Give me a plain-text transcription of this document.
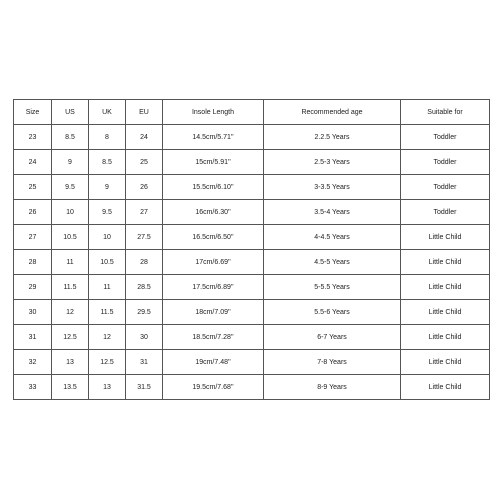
Size	US	UK	EU	Insole Length	Recommended age	Suitable for
23	8.5	8	24	14.5cm/5.71''	2.2.5 Years	Toddler
24	9	8.5	25	15cm/5.91''	2.5-3 Years	Toddler
25	9.5	9	26	15.5cm/6.10''	3-3.5 Years	Toddler
26	10	9.5	27	16cm/6.30''	3.5-4 Years	Toddler
27	10.5	10	27.5	16.5cm/6.50''	4-4.5 Years	Little Child
28	11	10.5	28	17cm/6.69''	4.5-5 Years	Little Child
29	11.5	11	28.5	17.5cm/6.89''	5-5.5 Years	Little Child
30	12	11.5	29.5	18cm/7.09''	5.5-6 Years	Little Child
31	12.5	12	30	18.5cm/7.28''	6-7 Years	Little Child
32	13	12.5	31	19cm/7.48''	7-8 Years	Little Child
33	13.5	13	31.5	19.5cm/7.68''	8-9 Years	Little Child
